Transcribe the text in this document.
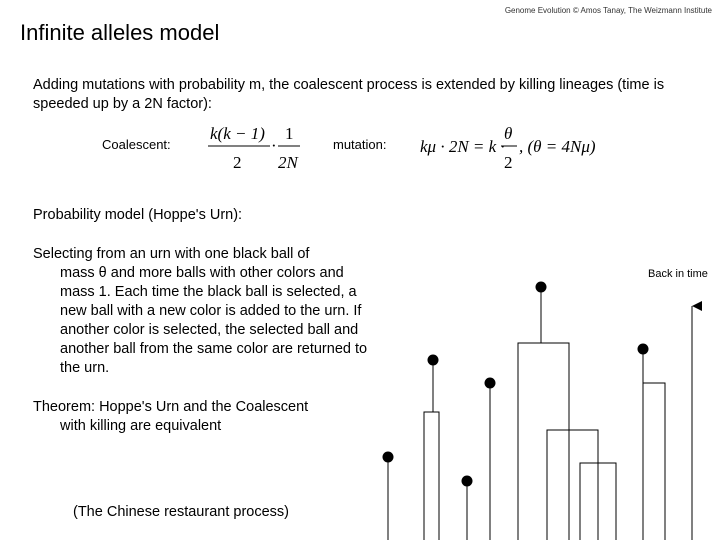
Genome Evolution © Amos Tanay, The Weizmann Institute
Infinite alleles model
Adding mutations with probability m, the coalescent process is extended by killing lineages (time is speeded up by a 2N factor):
Coalescent:	mutation:
k(k − 1)
2
·
1
2N
kμ · 2N = k ·
θ
2
, (θ = 4Nμ)
Probability model (Hoppe's Urn):
Selecting from an urn with one black ball of
mass θ and more balls with other colors and mass 1. Each time the black ball is selected, a new ball with a new color is added to the urn. If another color is selected, the selected ball and another ball from the same color are returned to the urn.
Theorem: Hoppe's Urn and the Coalescent
with killing are equivalent
(The Chinese restaurant process)
Back in time
